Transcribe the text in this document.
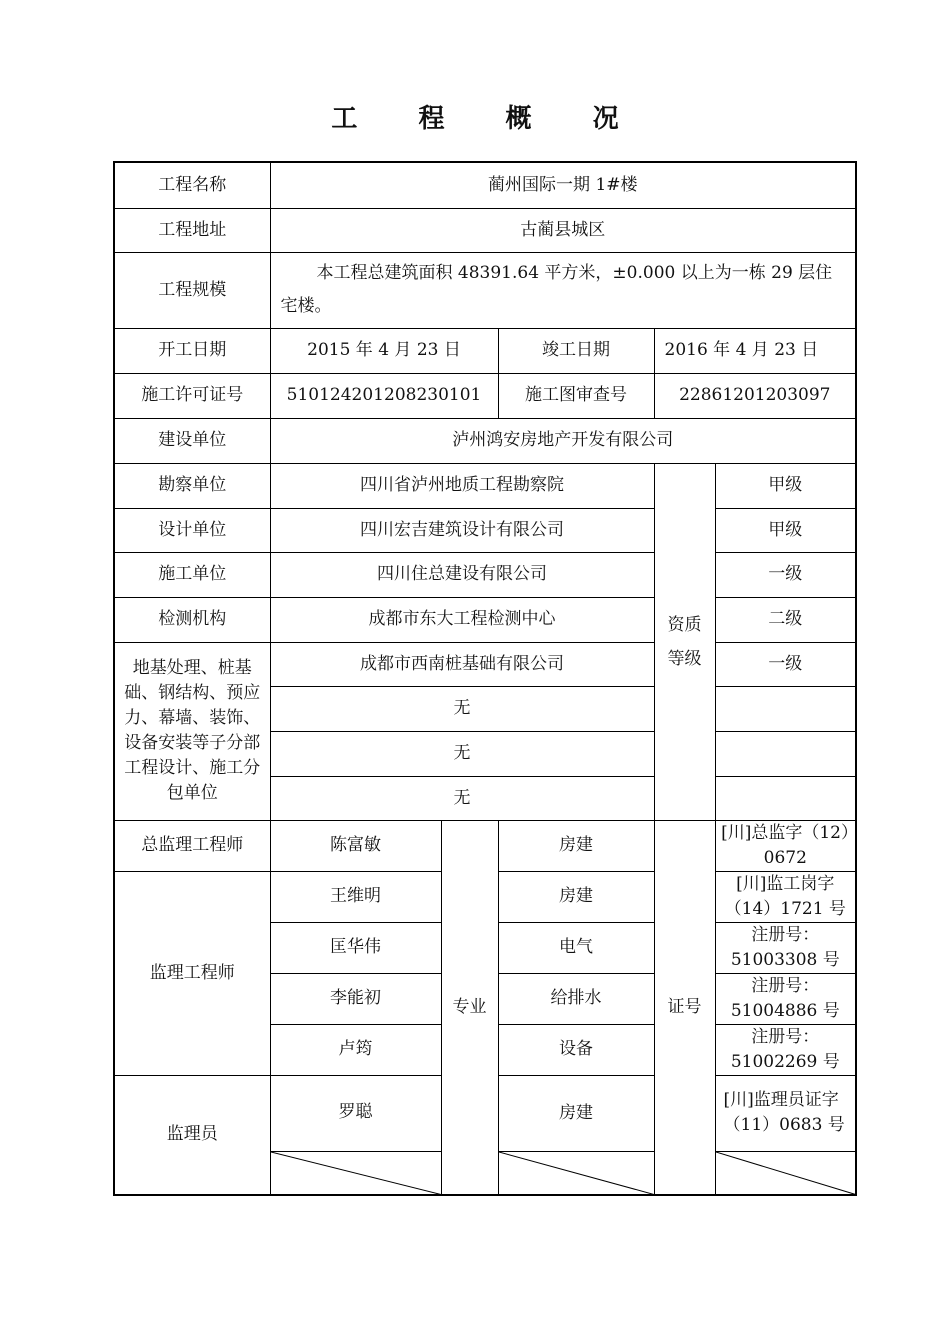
工 程 概 况
工程名称	蔺州国际一期 1#楼				
工程地址	古蔺县城区				
工程规模	本工程总建筑面积 48391.64 平方米，±0.000 以上为一栋 29 层住宅楼。				
开工日期	2015 年 4 月 23 日		竣工日期	2016 年 4 月 23 日	
施工许可证号	510124201208230101		施工图审查号	22861201203097	
建设单位	泸州鸿安房地产开发有限公司				
勘察单位	四川省泸州地质工程勘察院			资质等级	甲级
设计单位	四川宏吉建筑设计有限公司				甲级
施工单位	四川住总建设有限公司				一级
检测机构	成都市东大工程检测中心				二级
地基处理、桩基础、钢结构、预应力、幕墙、装饰、设备安装等子分部工程设计、施工分包单位	成都市西南桩基础有限公司				一级
	无				
	无				
	无				
总监理工程师	陈富敏	专业	房建	证号	[川]总监字（12）0672
监理工程师	王维明		房建		[川]监工岗字（14）1721 号
	匡华伟		电气		注册号：51003308 号
	李能初		给排水		注册号：51004886 号
	卢筠		设备		注册号：51002269 号
监理员	罗聪		房建		[川]监理员证字（11）0683 号
